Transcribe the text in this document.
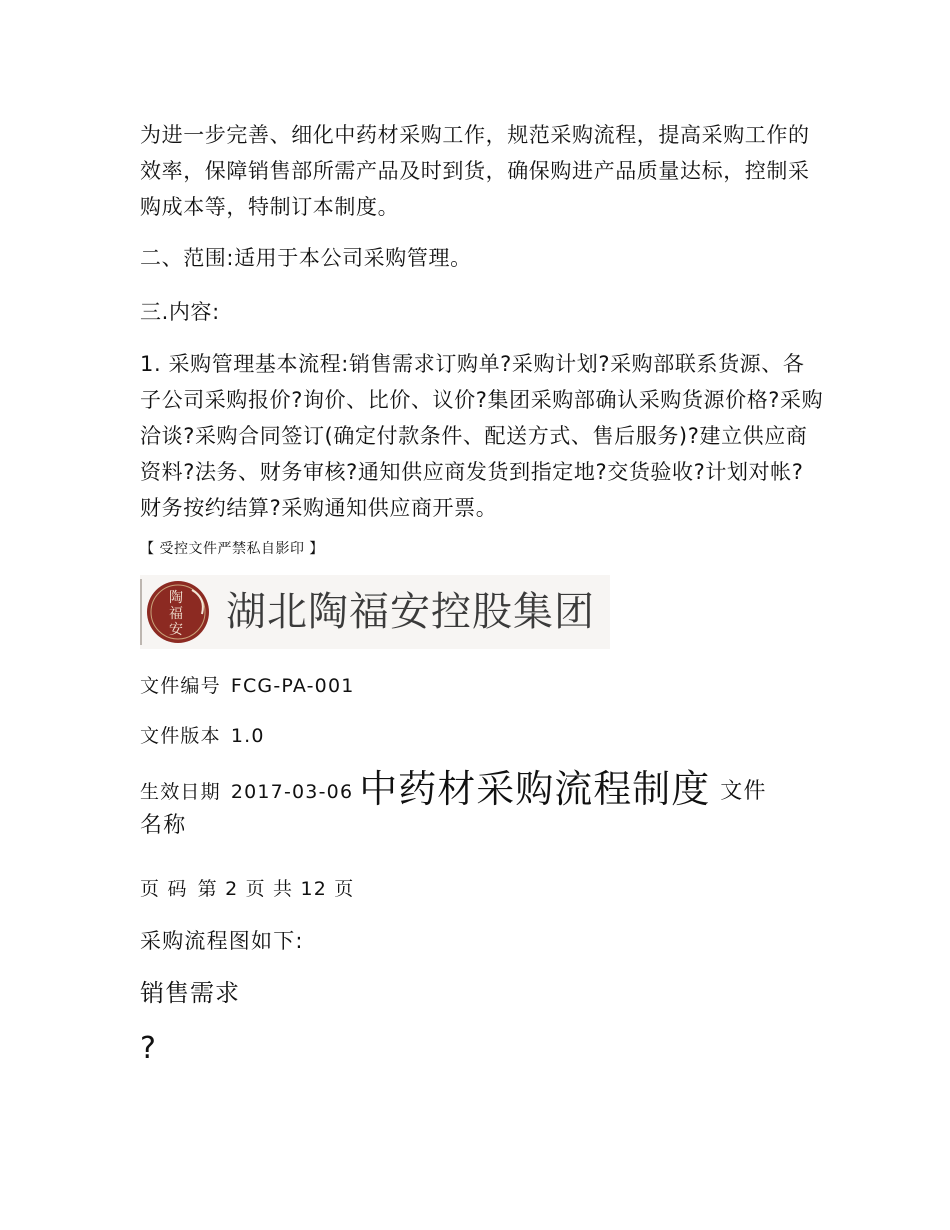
为进一步完善、细化中药材采购工作，规范采购流程，提高采购工作的效率，保障销售部所需产品及时到货，确保购进产品质量达标，控制采购成本等，特制订本制度。
二、范围:适用于本公司采购管理。
三.内容:
1. 采购管理基本流程:销售需求订购单?采购计划?采购部联系货源、各子公司采购报价?询价、比价、议价?集团采购部确认采购货源价格?采购洽谈?采购合同签订(确定付款条件、配送方式、售后服务)?建立供应商资料?法务、财务审核?通知供应商发货到指定地?交货验收?计划对帐?财务按约结算?采购通知供应商开票。
【 受控文件严禁私自影印 】
陶
福
安 湖北陶福安控股集团
文件编号 FCG-PA-001
文件版本 1.0
生效日期 2017-03-06 中药材采购流程制度 文件
名称
页 码 第 2 页 共 12 页
采购流程图如下:
销售需求
?
